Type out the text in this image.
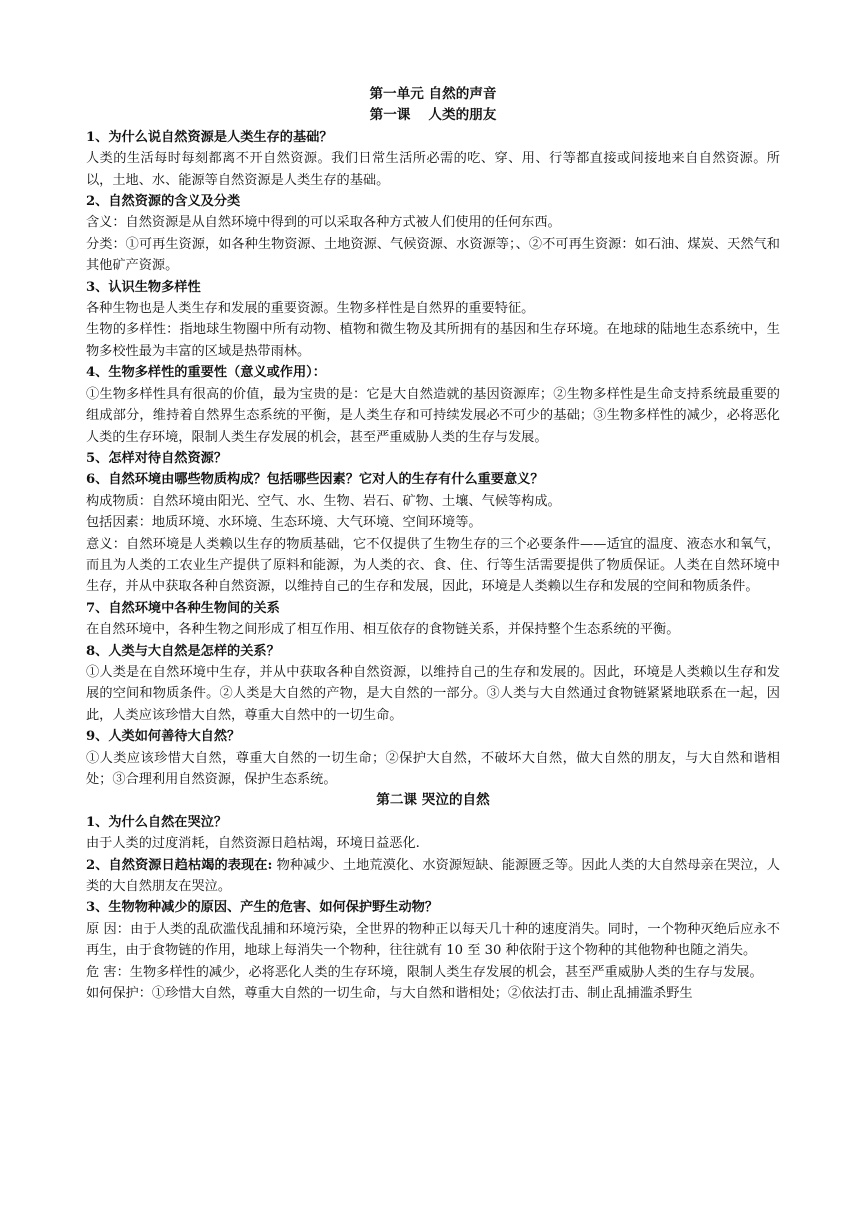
第一单元 自然的声音
第一课 人类的朋友
1、为什么说自然资源是人类生存的基础？
人类的生活每时每刻都离不开自然资源。我们日常生活所必需的吃、穿、用、行等都直接或间接地来自自然资源。所以，土地、水、能源等自然资源是人类生存的基础。
2、自然资源的含义及分类
含义：自然资源是从自然环境中得到的可以采取各种方式被人们使用的任何东西。
分类：①可再生资源，如各种生物资源、土地资源、气候资源、水资源等；、②不可再生资源：如石油、煤炭、天然气和其他矿产资源。
3、认识生物多样性
各种生物也是人类生存和发展的重要资源。生物多样性是自然界的重要特征。
生物的多样性：指地球生物圈中所有动物、植物和微生物及其所拥有的基因和生存环境。在地球的陆地生态系统中，生物多校性最为丰富的区域是热带雨林。
4、生物多样性的重要性（意义或作用）：
①生物多样性具有很高的价值，最为宝贵的是：它是大自然造就的基因资源库；②生物多样性是生命支持系统最重要的组成部分，维持着自然界生态系统的平衡，是人类生存和可持续发展必不可少的基础；③生物多样性的减少，必将恶化人类的生存环境，限制人类生存发展的机会，甚至严重威胁人类的生存与发展。
5、怎样对待自然资源？
6、自然环境由哪些物质构成？包括哪些因素？它对人的生存有什么重要意义？
构成物质：自然环境由阳光、空气、水、生物、岩石、矿物、土壤、气候等构成。
包括因素：地质环境、水环境、生态环境、大气环境、空间环境等。
意义：自然环境是人类赖以生存的物质基础，它不仅提供了生物生存的三个必要条件——适宜的温度、液态水和氧气，而且为人类的工农业生产提供了原料和能源，为人类的衣、食、住、行等生活需要提供了物质保证。人类在自然环境中生存，并从中获取各种自然资源，以维持自己的生存和发展，因此，环境是人类赖以生存和发展的空间和物质条件。
7、自然环境中各种生物间的关系
在自然环境中，各种生物之间形成了相互作用、相互依存的食物链关系，并保持整个生态系统的平衡。
8、人类与大自然是怎样的关系？
①人类是在自然环境中生存，并从中获取各种自然资源，以维持自己的生存和发展的。因此，环境是人类赖以生存和发展的空间和物质条件。②人类是大自然的产物，是大自然的一部分。③人类与大自然通过食物链紧紧地联系在一起，因此，人类应该珍惜大自然，尊重大自然中的一切生命。
9、人类如何善待大自然？
①人类应该珍惜大自然，尊重大自然的一切生命；②保护大自然，不破坏大自然，做大自然的朋友，与大自然和谐相处；③合理利用自然资源，保护生态系统。
第二课 哭泣的自然
1、为什么自然在哭泣？
由于人类的过度消耗，自然资源日趋枯竭，环境日益恶化.
2、自然资源日趋枯竭的表现在: 物种减少、土地荒漠化、水资源短缺、能源匮乏等。因此人类的大自然母亲在哭泣，人类的大自然朋友在哭泣。
3、生物物种减少的原因、产生的危害、如何保护野生动物？
原 因：由于人类的乱砍滥伐乱捕和环境污染，全世界的物种正以每天几十种的速度消失。同时，一个物种灭绝后应永不再生，由于食物链的作用，地球上每消失一个物种，往往就有 10 至 30 种依附于这个物种的其他物种也随之消失。
危 害：生物多样性的减少，必将恶化人类的生存环境，限制人类生存发展的机会，甚至严重威胁人类的生存与发展。
如何保护：①珍惜大自然，尊重大自然的一切生命，与大自然和谐相处；②依法打击、制止乱捕滥杀野生
